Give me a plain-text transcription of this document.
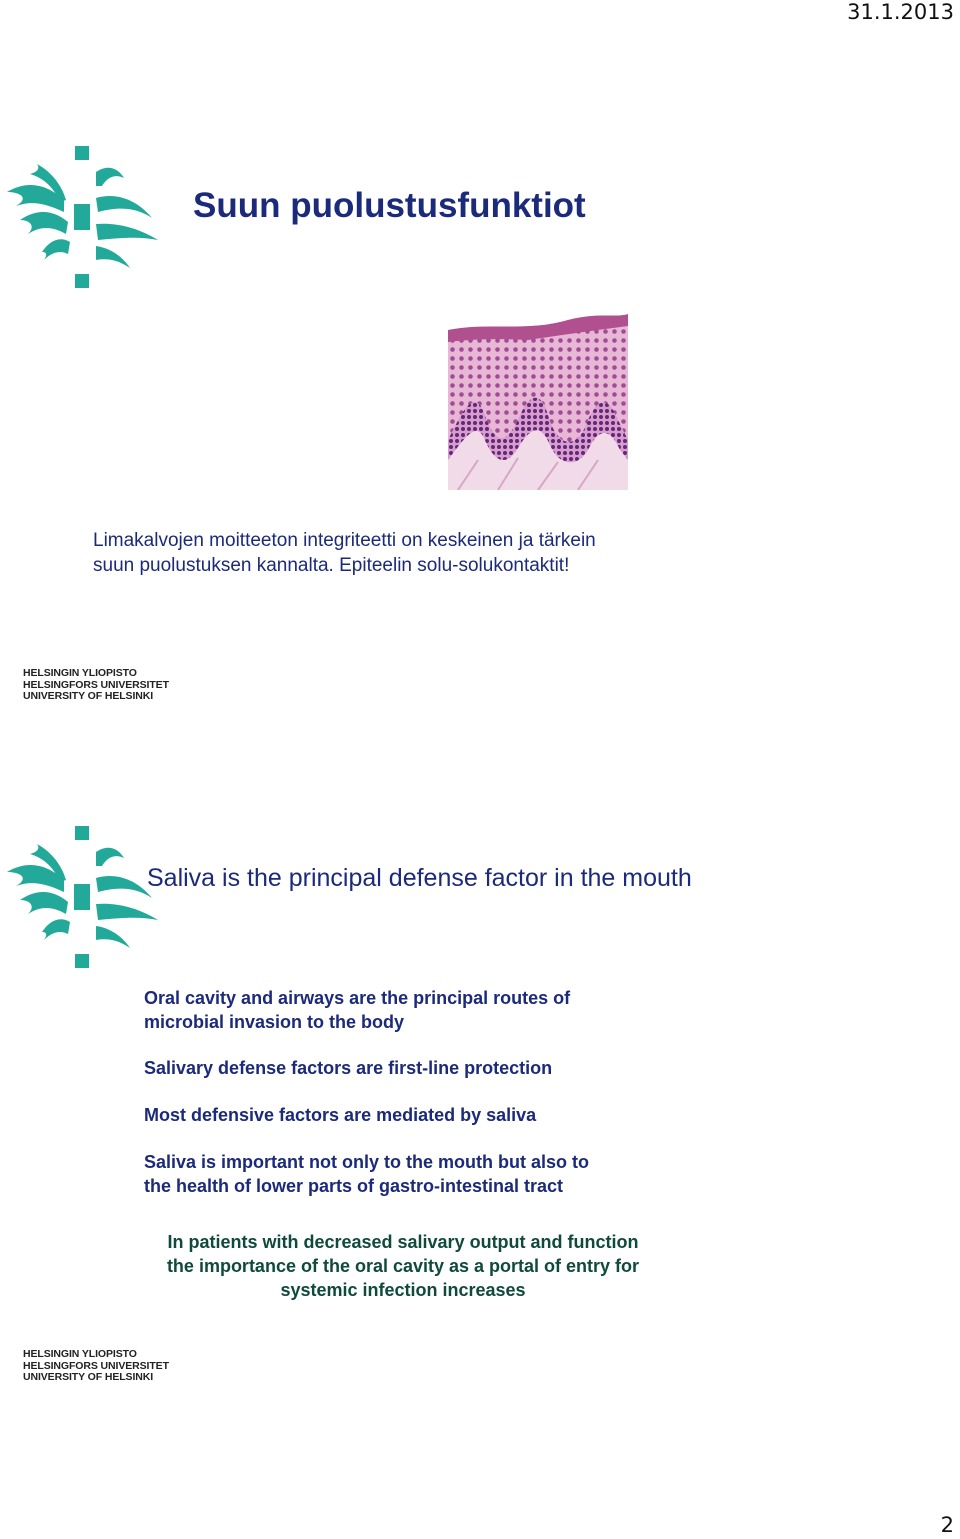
31.1.2013
2
Suun puolustusfunktiot
Limakalvojen moitteeton integriteetti on keskeinen ja tärkein
suun puolustuksen kannalta. Epiteelin solu-solukontaktit!
HELSINGIN YLIOPISTO
HELSINGFORS UNIVERSITET
UNIVERSITY OF HELSINKI
Saliva is the principal defense factor in the mouth
Oral cavity and airways are the principal routes of
microbial invasion to the body
Salivary defense factors are first-line protection
Most defensive factors are mediated by saliva
Saliva is important not only to the mouth but also to
the health of lower parts of gastro-intestinal tract
In patients with decreased salivary output and function
the importance of the oral cavity as a portal of entry for
systemic infection increases
HELSINGIN YLIOPISTO
HELSINGFORS UNIVERSITET
UNIVERSITY OF HELSINKI
